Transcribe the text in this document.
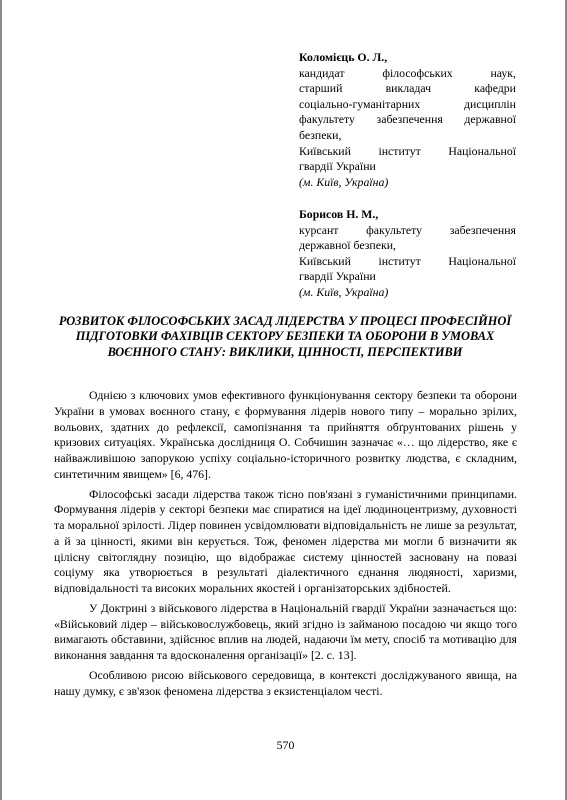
Коломієць О. Л.,
кандидат філософських наук,
старший викладач кафедри
соціально-гуманітарних дисциплін
факультету забезпечення державної
безпеки,
Київський інститут Національної
гвардії України
(м. Київ, Україна)
Борисов Н. М.,
курсант факультету забезпечення
державної безпеки,
Київський інститут Національної
гвардії України
(м. Київ, Україна)
РОЗВИТОК ФІЛОСОФСЬКИХ ЗАСАД ЛІДЕРСТВА У ПРОЦЕСІ ПРОФЕСІЙНОЇ ПІДГОТОВКИ ФАХІВЦІВ СЕКТОРУ БЕЗПЕКИ ТА ОБОРОНИ В УМОВАХ ВОЄННОГО СТАНУ: ВИКЛИКИ, ЦІННОСТІ, ПЕРСПЕКТИВИ

Однією з ключових умов ефективного функціонування сектору безпеки та оборони України в умовах воєнного стану, є формування лідерів нового типу – морально зрілих, вольових, здатних до рефлексії, самопізнання та прийняття обґрунтованих рішень у кризових ситуаціях. Українська дослідниця О. Собчишин зазначає «… що лідерство, яке є найважливішою запорукою успіху соціально-історичного розвитку людства, є складним, синтетичним явищем» [6, 476].

Філософські засади лідерства також тісно пов'язані з гуманістичними принципами. Формування лідерів у секторі безпеки має спиратися на ідеї людиноцентризму, духовності та моральної зрілості. Лідер повинен усвідомлювати відповідальність не лише за результат, а й за цінності, якими він керується. Тож, феномен лідерства ми могли б визначити як цілісну світоглядну позицію, що відображає систему цінностей засновану на повазі соціуму яка утворюється в результаті діалектичного єднання людяності, харизми, відповідальності та високих моральних якостей і організаторських здібностей.

У Доктрині з військового лідерства в Національній гвардії України зазначається що: «Військовий лідер – військовослужбовець, який згідно із займаною посадою чи якщо того вимагають обставини, здійснює вплив на людей, надаючи їм мету, спосіб та мотивацію для виконання завдання та вдосконалення організації» [2. с. 13].

Особливою рисою військового середовища, в контексті досліджуваного явища, на нашу думку, є зв'язок феномена лідерства з екзистенціалом честі.

570
